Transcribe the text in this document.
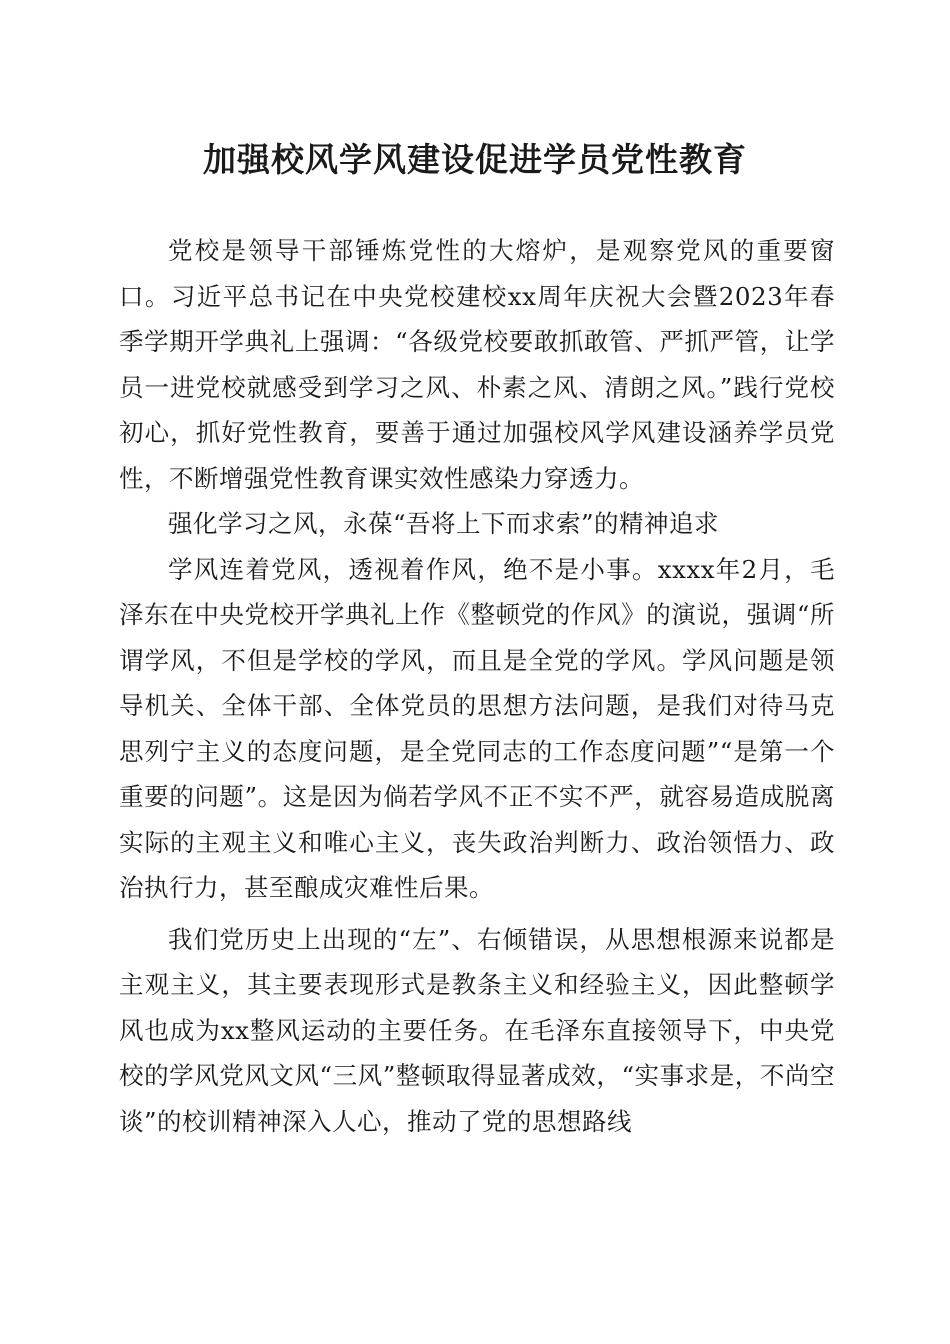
加强校风学风建设促进学员党性教育

党校是领导干部锤炼党性的大熔炉，是观察党风的重要窗口。习近平总书记在中央党校建校xx周年庆祝大会暨2023年春季学期开学典礼上强调：“各级党校要敢抓敢管、严抓严管，让学员一进党校就感受到学习之风、朴素之风、清朗之风。”践行党校初心，抓好党性教育，要善于通过加强校风学风建设涵养学员党性，不断增强党性教育课实效性感染力穿透力。

强化学习之风，永葆“吾将上下而求索”的精神追求

学风连着党风，透视着作风，绝不是小事。xxxx年2月，毛泽东在中央党校开学典礼上作《整顿党的作风》的演说，强调“所谓学风，不但是学校的学风，而且是全党的学风。学风问题是领导机关、全体干部、全体党员的思想方法问题，是我们对待马克思列宁主义的态度问题，是全党同志的工作态度问题”“是第一个重要的问题”。这是因为倘若学风不正不实不严，就容易造成脱离实际的主观主义和唯心主义，丧失政治判断力、政治领悟力、政治执行力，甚至酿成灾难性后果。

我们党历史上出现的“左”、右倾错误，从思想根源来说都是主观主义，其主要表现形式是教条主义和经验主义，因此整顿学风也成为xx整风运动的主要任务。在毛泽东直接领导下，中央党校的学风党风文风“三风”整顿取得显著成效，“实事求是，不尚空谈”的校训精神深入人心，推动了党的思想路线
